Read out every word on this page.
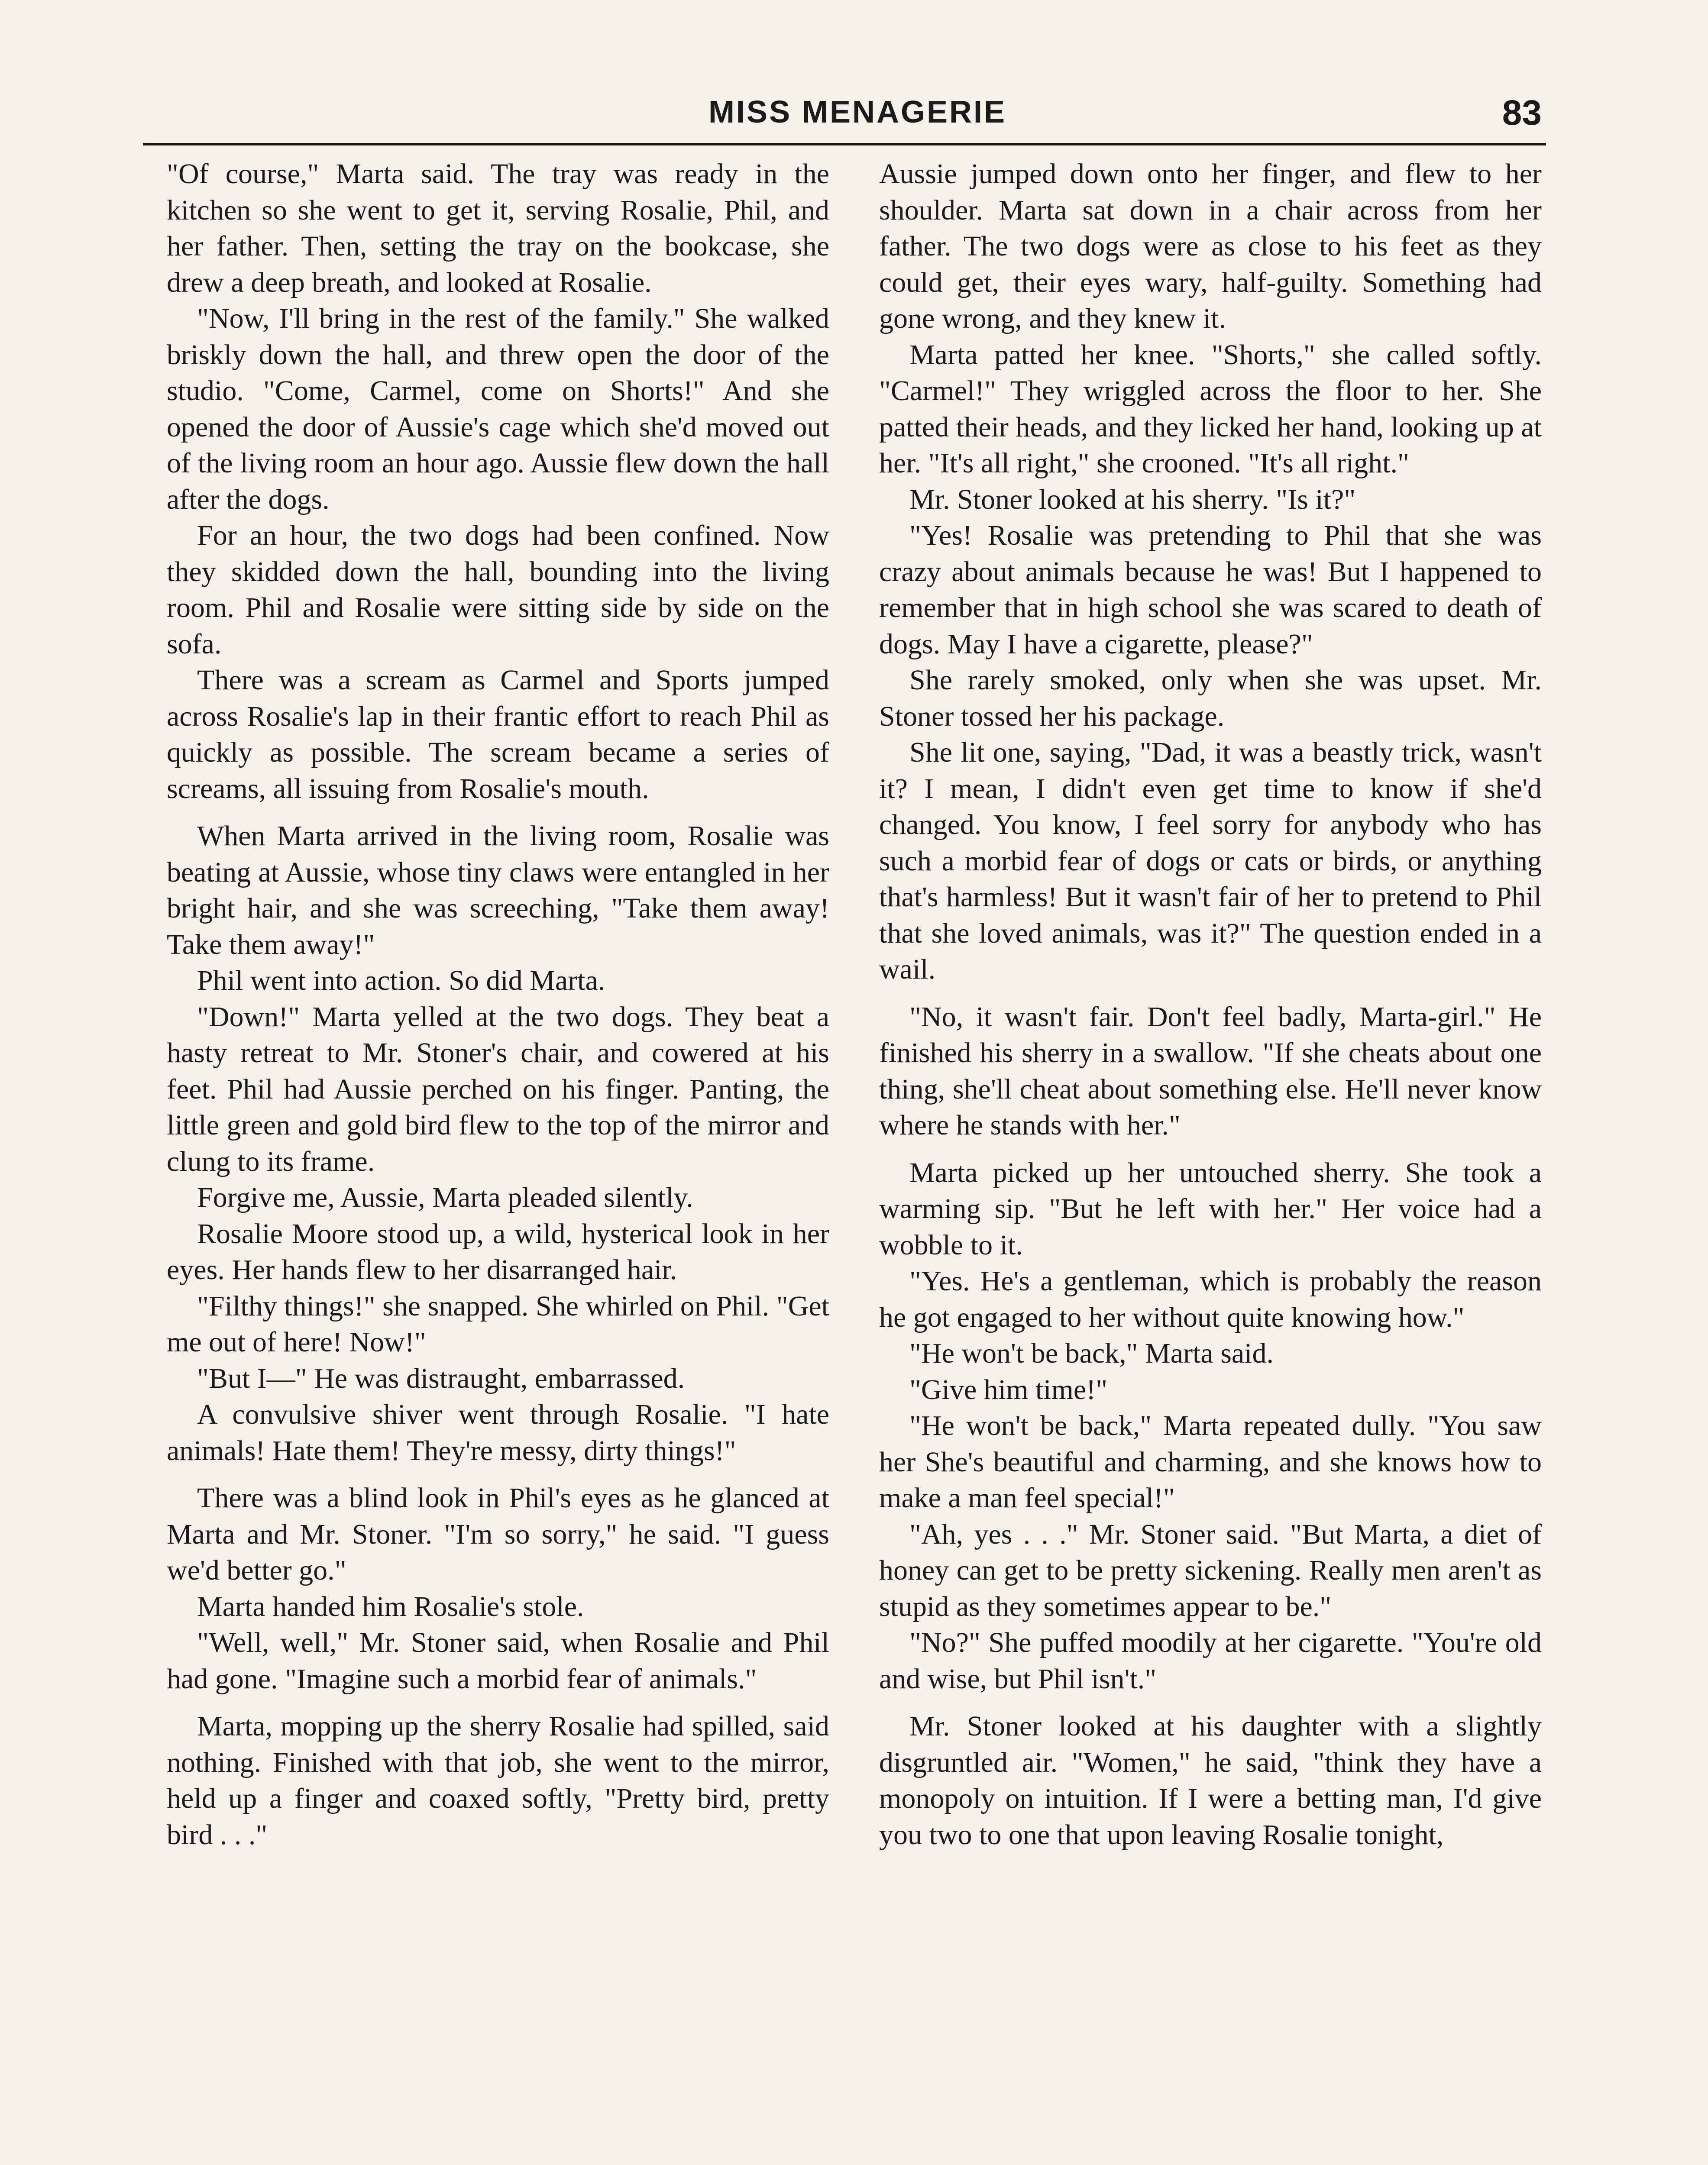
MISS MENAGERIE	83

"Of course," Marta said. The tray was ready in the kitchen so she went to get it, serving Rosalie, Phil, and her father. Then, setting the tray on the bookcase, she drew a deep breath, and looked at Rosalie.

"Now, I'll bring in the rest of the family." She walked briskly down the hall, and threw open the door of the studio. "Come, Carmel, come on Shorts!" And she opened the door of Aussie's cage which she'd moved out of the living room an hour ago. Aussie flew down the hall after the dogs.

For an hour, the two dogs had been confined. Now they skidded down the hall, bounding into the living room. Phil and Rosalie were sitting side by side on the sofa.

There was a scream as Carmel and Sports jumped across Rosalie's lap in their frantic effort to reach Phil as quickly as possible. The scream became a series of screams, all issuing from Rosalie's mouth.

When Marta arrived in the living room, Rosalie was beating at Aussie, whose tiny claws were entangled in her bright hair, and she was screeching, "Take them away! Take them away!"

Phil went into action. So did Marta.

"Down!" Marta yelled at the two dogs. They beat a hasty retreat to Mr. Stoner's chair, and cowered at his feet. Phil had Aussie perched on his finger. Panting, the little green and gold bird flew to the top of the mirror and clung to its frame.

Forgive me, Aussie, Marta pleaded silently.

Rosalie Moore stood up, a wild, hysterical look in her eyes. Her hands flew to her disarranged hair.

"Filthy things!" she snapped. She whirled on Phil. "Get me out of here! Now!"

"But I—" He was distraught, embarrassed.

A convulsive shiver went through Rosalie. "I hate animals! Hate them! They're messy, dirty things!"

There was a blind look in Phil's eyes as he glanced at Marta and Mr. Stoner. "I'm so sorry," he said. "I guess we'd better go."

Marta handed him Rosalie's stole.

"Well, well," Mr. Stoner said, when Rosalie and Phil had gone. "Imagine such a morbid fear of animals."

Marta, mopping up the sherry Rosalie had spilled, said nothing. Finished with that job, she went to the mirror, held up a finger and coaxed softly, "Pretty bird, pretty bird . . ."

Aussie jumped down onto her finger, and flew to her shoulder. Marta sat down in a chair across from her father. The two dogs were as close to his feet as they could get, their eyes wary, half-guilty. Something had gone wrong, and they knew it.

Marta patted her knee. "Shorts," she called softly. "Carmel!" They wriggled across the floor to her. She patted their heads, and they licked her hand, looking up at her. "It's all right," she crooned. "It's all right."

Mr. Stoner looked at his sherry. "Is it?"

"Yes! Rosalie was pretending to Phil that she was crazy about animals because he was! But I happened to remember that in high school she was scared to death of dogs. May I have a cigarette, please?"

She rarely smoked, only when she was upset. Mr. Stoner tossed her his package.

She lit one, saying, "Dad, it was a beastly trick, wasn't it? I mean, I didn't even get time to know if she'd changed. You know, I feel sorry for anybody who has such a morbid fear of dogs or cats or birds, or anything that's harmless! But it wasn't fair of her to pretend to Phil that she loved animals, was it?" The question ended in a wail.

"No, it wasn't fair. Don't feel badly, Marta-girl." He finished his sherry in a swallow. "If she cheats about one thing, she'll cheat about something else. He'll never know where he stands with her."

Marta picked up her untouched sherry. She took a warming sip. "But he left with her." Her voice had a wobble to it.

"Yes. He's a gentleman, which is probably the reason he got engaged to her without quite knowing how."

"He won't be back," Marta said.

"Give him time!"

"He won't be back," Marta repeated dully. "You saw her She's beautiful and charming, and she knows how to make a man feel special!"

"Ah, yes . . ." Mr. Stoner said. "But Marta, a diet of honey can get to be pretty sickening. Really men aren't as stupid as they sometimes appear to be."

"No?" She puffed moodily at her cigarette. "You're old and wise, but Phil isn't."

Mr. Stoner looked at his daughter with a slightly disgruntled air. "Women," he said, "think they have a monopoly on intuition. If I were a betting man, I'd give you two to one that upon leaving Rosalie tonight,
